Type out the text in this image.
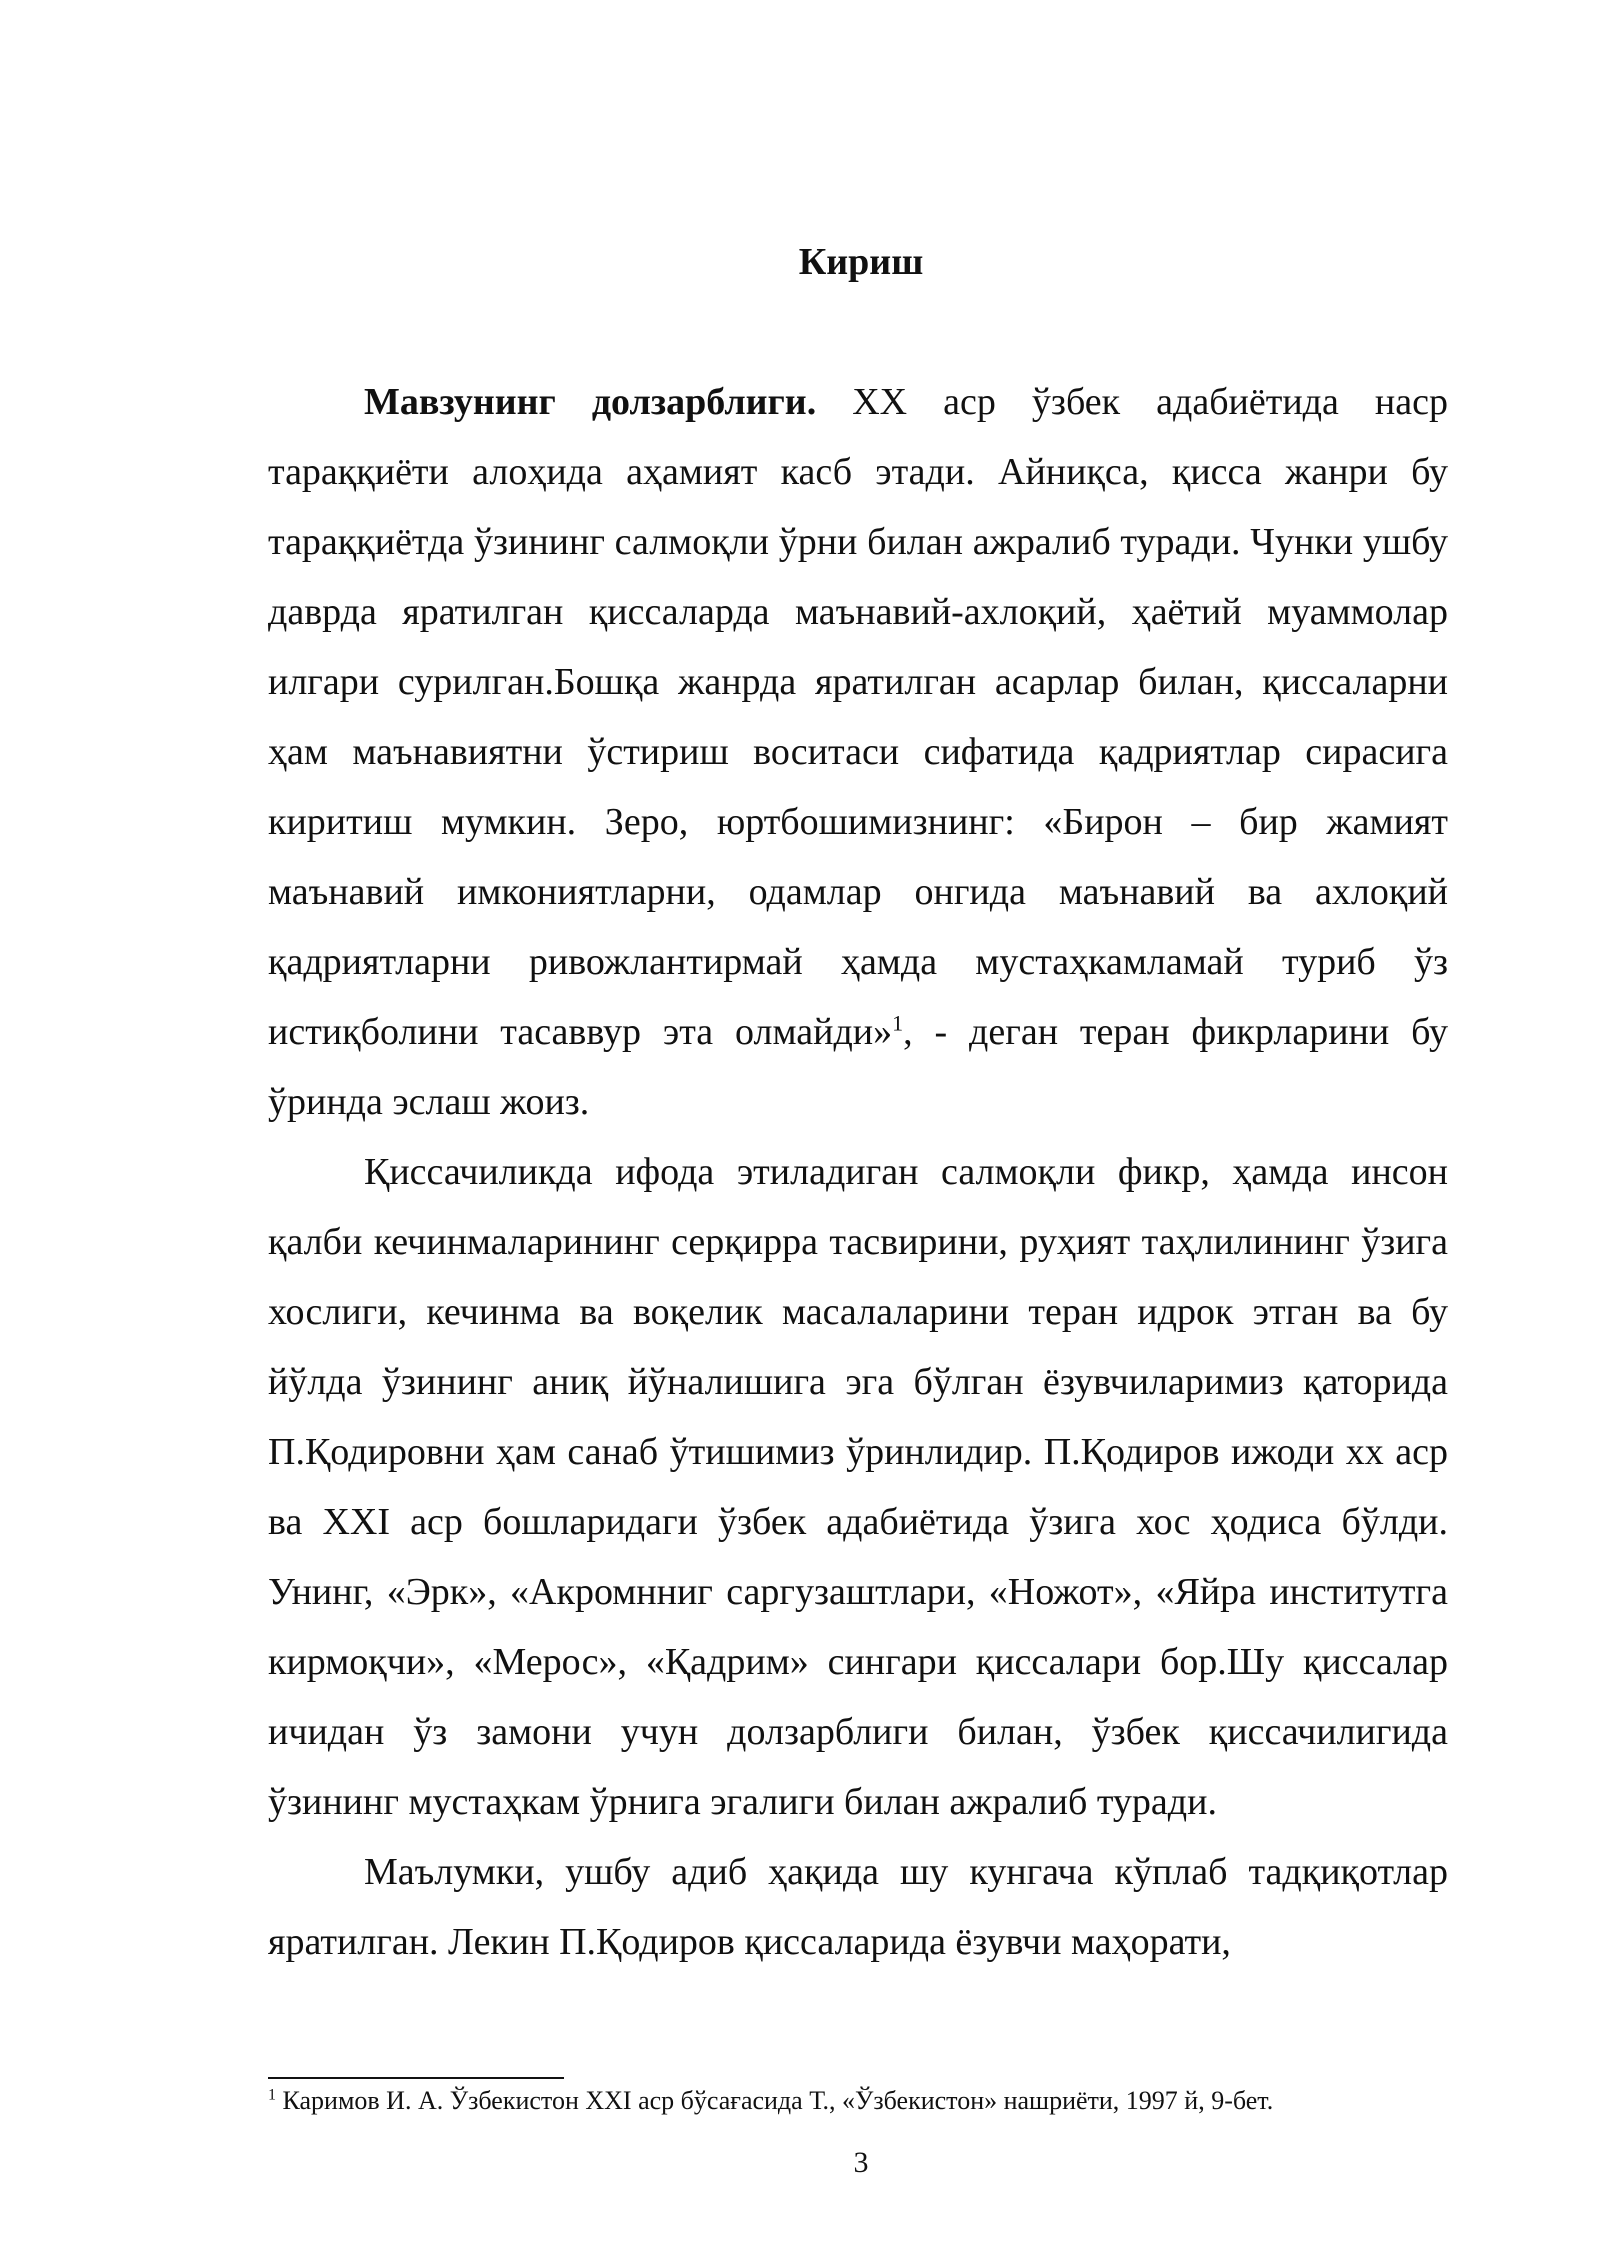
Кириш

Мавзунинг долзарблиги. XX аср ўзбек адабиётида наср тараққиёти алоҳида аҳамият касб этади. Айниқса, қисса жанри бу тараққиётда ўзининг салмоқли ўрни билан ажралиб туради. Чунки ушбу даврда яратилган қиссаларда маънавий-ахлоқий, ҳаётий муаммолар илгари сурилган.Бошқа жанрда яратилган асарлар билан, қиссаларни ҳам маънавиятни ўстириш воситаси сифатида қадриятлар сирасига киритиш мумкин. Зеро, юртбошимизнинг: «Бирон – бир жамият маънавий имкониятларни, одамлар онгида маънавий ва ахлоқий қадриятларни ривожлантирмай ҳамда мустаҳкамламай туриб ўз истиқболини тасаввур эта олмайди»$^1$, - деган теран фикрларини бу ўринда эслаш жоиз.

Қиссачиликда ифода этиладиган салмоқли фикр, ҳамда инсон қалби кечинмаларининг серқирра тасвирини, руҳият таҳлилининг ўзига хослиги, кечинма ва воқелик масалаларини теран идрок этган ва бу йўлда ўзининг аниқ йўналишига эга бўлган ёзувчиларимиз қаторида П.Қодировни ҳам санаб ўтишимиз ўринлидир. П.Қодиров ижоди xx аср ва XXI аср бошларидаги ўзбек адабиётида ўзига хос ҳодиса бўлди. Унинг, «Эрк», «Акромнниг саргузаштлари, «Ножот», «Яйра институтга кирмоқчи», «Мерос», «Қадрим» сингари қиссалари бор.Шу қиссалар ичидан ўз замони учун долзарблиги билан, ўзбек қиссачилигида ўзининг мустаҳкам ўрнига эгалиги билан ажралиб туради.

Маълумки, ушбу адиб ҳақида шу кунгача кўплаб тадқиқотлар яратилган. Лекин П.Қодиров қиссаларида ёзувчи маҳорати,

$^1$ Каримов И. А. Ўзбекистон XXI аср бўсағасида Т., «Ўзбекистон» нашриёти, 1997 й, 9-бет.

3
